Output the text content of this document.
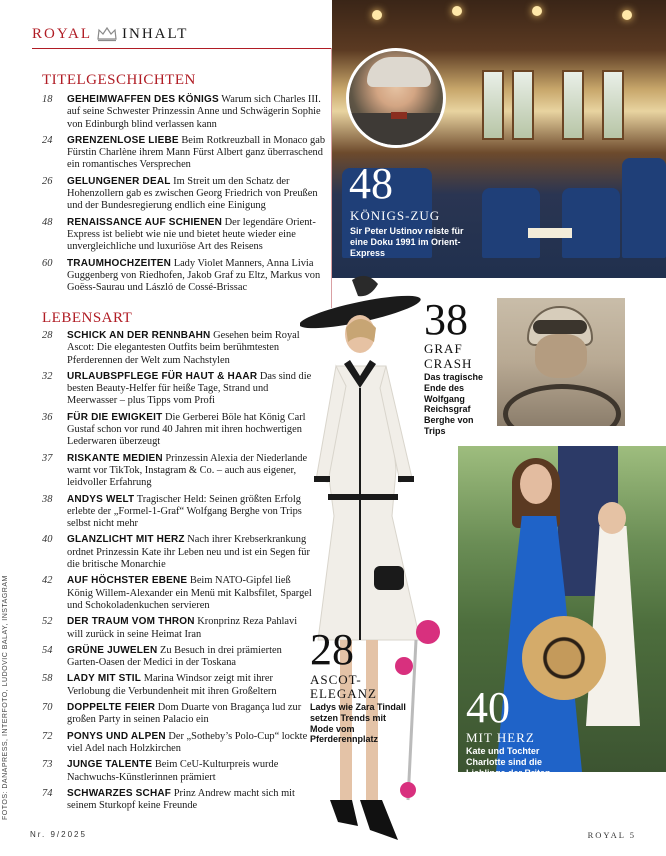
ROYAL INHALT
TITELGESCHICHTEN
18	GEHEIMWAFFEN DES KÖNIGS Warum sich Charles III. auf seine Schwester Prinzessin Anne und Schwägerin Sophie von Edinburgh blind verlassen kann
24	GRENZENLOSE LIEBE Beim Rotkreuzball in Monaco gab Fürstin Charlène ihrem Mann Fürst Albert ganz überraschend ein romantisches Versprechen
26	GELUNGENER DEAL Im Streit um den Schatz der Hohenzollern gab es zwischen Georg Friedrich von Preußen und der Bundesregierung endlich eine Einigung
48	RENAISSANCE AUF SCHIENEN Der legendäre Orient-Express ist beliebt wie nie und bietet heute wieder eine unvergleichliche und luxuriöse Art des Reisens
60	TRAUMHOCHZEITEN Lady Violet Manners, Anna Livia Guggenberg von Riedhofen, Jakob Graf zu Eltz, Markus von Goëss-Saurau und László de Cossé-Brissac
LEBENSART
28	SCHICK AN DER RENNBAHN Gesehen beim Royal Ascot: Die elegantesten Outfits beim berühmtesten Pferderennen der Welt zum Nachstylen
32	URLAUBSPFLEGE FÜR HAUT & HAAR Das sind die besten Beauty-Helfer für heiße Tage, Strand und Meerwasser – plus Tipps vom Profi
36	FÜR DIE EWIGKEIT Die Gerberei Böle hat König Carl Gustaf schon vor rund 40 Jahren mit ihren hochwertigen Lederwaren überzeugt
37	RISKANTE MEDIEN Prinzessin Alexia der Niederlande warnt vor TikTok, Instagram & Co. – auch aus eigener, leidvoller Erfahrung
38	ANDYS WELT Tragischer Held: Seinen größten Erfolg erlebte der „Formel-1-Graf“ Wolfgang Berghe von Trips selbst nicht mehr
40	GLANZLICHT MIT HERZ Nach ihrer Krebserkrankung ordnet Prinzessin Kate ihr Leben neu und ist ein Segen für die britische Monarchie
42	AUF HÖCHSTER EBENE Beim NATO-Gipfel ließ König Willem-Alexander ein Menü mit Kalbsfilet, Spargel und Schokoladenkuchen servieren
52	DER TRAUM VOM THRON Kronprinz Reza Pahlavi will zurück in seine Heimat Iran
54	GRÜNE JUWELEN Zu Besuch in drei prämierten Garten-Oasen der Medici in der Toskana
58	LADY MIT STIL Marina Windsor zeigt mit ihrer Verlobung die Verbundenheit mit ihren Großeltern
70	DOPPELTE FEIER Dom Duarte von Bragança lud zur großen Party in seinen Palacio ein
72	PONYS UND ALPEN Der „Sotheby’s Polo-Cup“ lockte viel Adel nach Holzkirchen
73	JUNGE TALENTE Beim CeU-Kulturpreis wurde Nachwuchs-Künstlerinnen prämiert
74	SCHWARZES SCHAF Prinz Andrew macht sich mit seinem Sturkopf keine Freunde
48
KÖNIGS-ZUG
Sir Peter Ustinov reiste für eine Doku 1991 im Orient-Express
38
GRAF
CRASH
Das tragische Ende des Wolfgang Reichsgraf Berghe von Trips
40
MIT HERZ
Kate und Tochter Charlotte sind die Lieblinge der Briten
28
ASCOT-
ELEGANZ
Ladys wie Zara Tindall setzen Trends mit Mode vom Pferderennplatz
FOTOS: DANAPRESS, INTERFOTO, LUDOVIC BALAY, INSTAGRAM
Nr. 9/2025	ROYAL 5
